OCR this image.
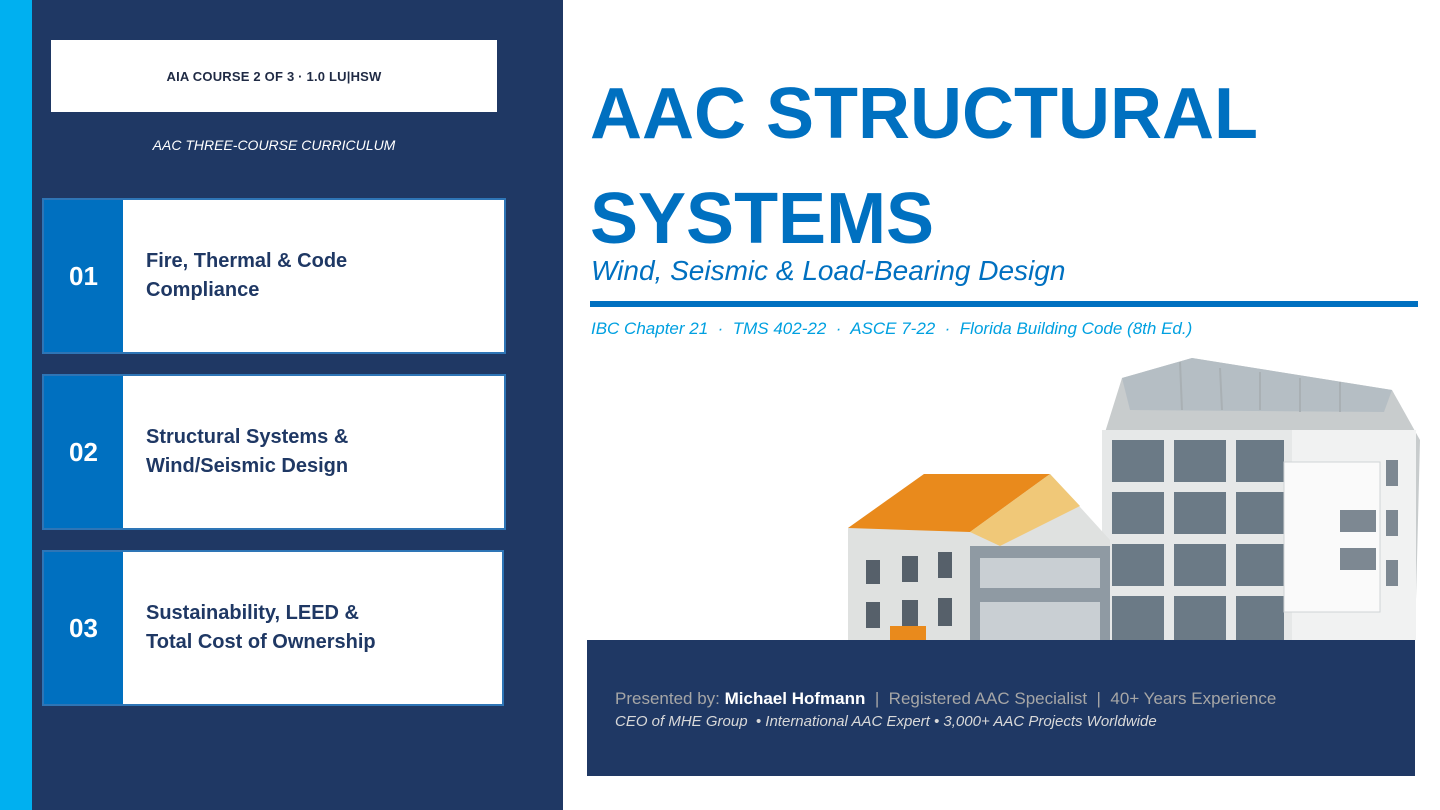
AIA COURSE 2 OF 3 · 1.0 LU|HSW
AAC THREE-COURSE CURRICULUM
01	Fire, Thermal & Code
Compliance
02	Structural Systems &
Wind/Seismic Design
03	Sustainability, LEED &
Total Cost of Ownership
AAC STRUCTURAL
SYSTEMS
Wind, Seismic & Load-Bearing Design
IBC Chapter 21  ·  TMS 402-22  ·  ASCE 7-22  ·  Florida Building Code (8th Ed.)
Presented by: Michael Hofmann  |  Registered AAC Specialist  |  40+ Years Experience
CEO of MHE Group  • International AAC Expert • 3,000+ AAC Projects Worldwide
